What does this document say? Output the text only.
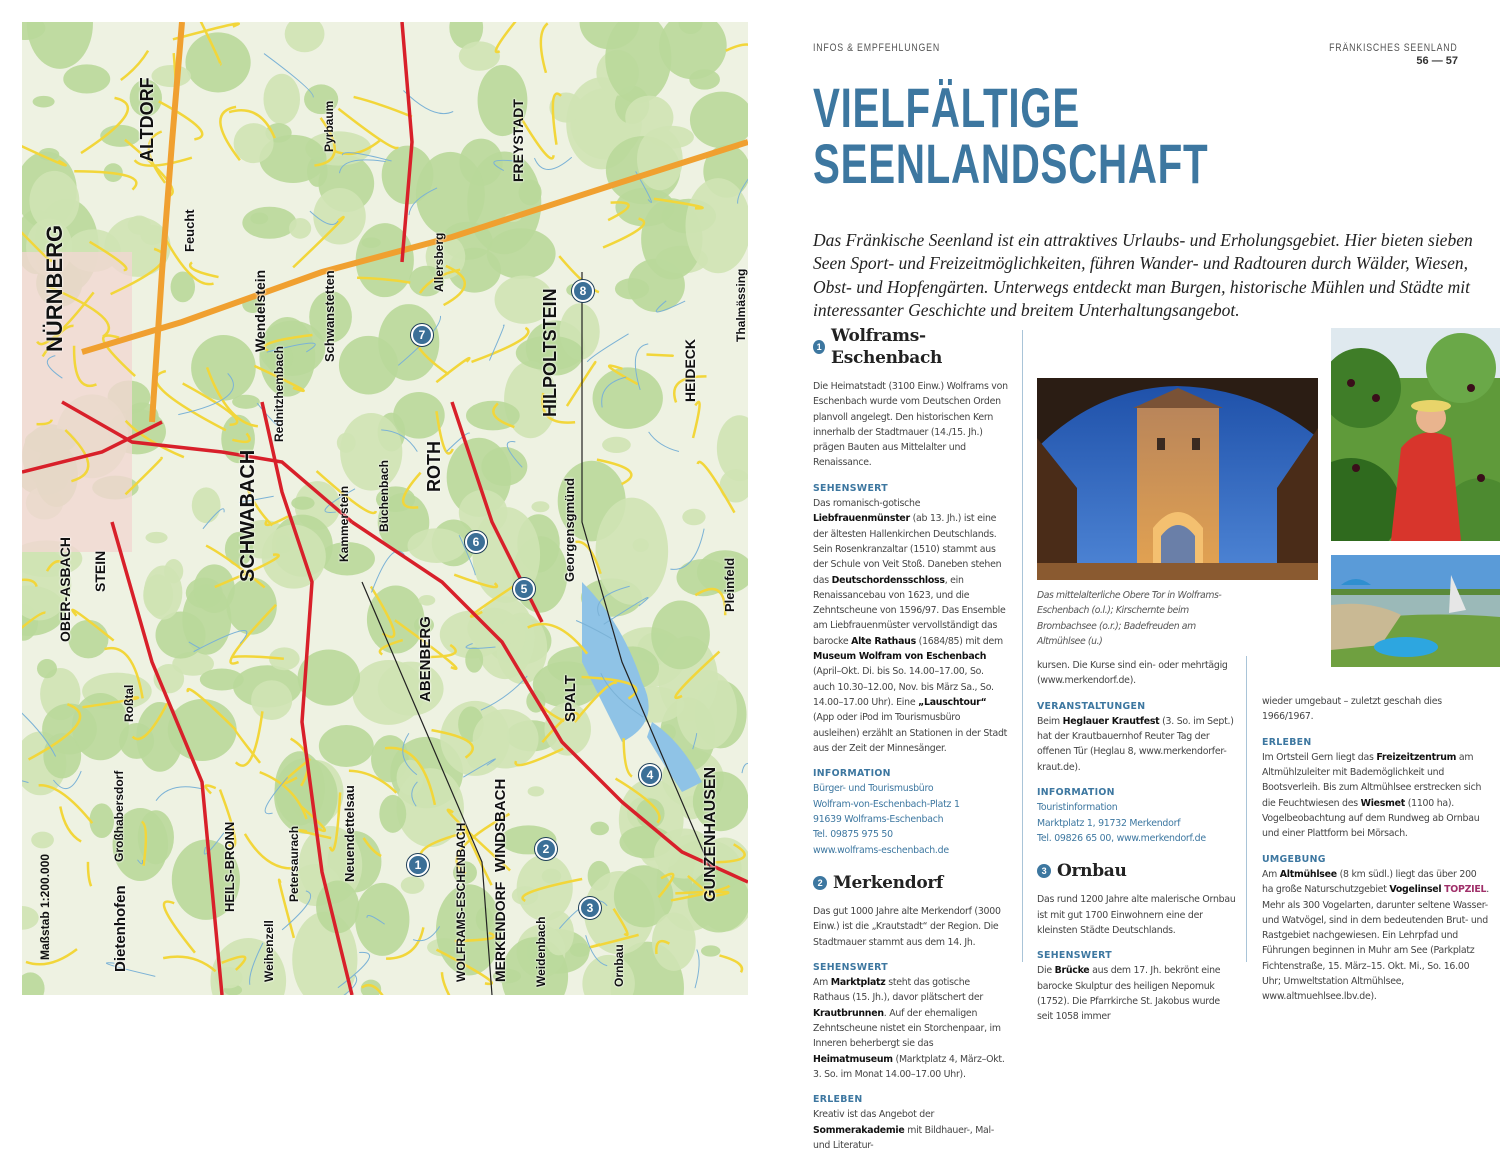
NÜRNBERG
ALTDORF
SCHWABACH	ROTH
HILPOLTSTEIN
GUNZENHAUSEN
WINDSBACH
ABENBERG	SPALT
MERKENDORF
HEIDECK
FREYSTADT
Allersberg
Georgensgmünd
Pleinfeld
Dietenhofen
HEILS-BRONN
Wendelstein	Schwanstetten
Feucht
STEIN
OBER-ASBACH
Weihenzell
Petersaurach
Ornbau
Neuendettelsau
Büchenbach
Pyrbaum
Roßtal
Großhabersdorf
WOLFRAMS-ESCHENBACH	Weidenbach
Kammerstein
Rednitzhembach
Thalmässing
1
2
3
4
5
6
7
8
Maßstab 1:200.000
INFOS & EMPFEHLUNGEN	FRÄNKISCHES SEENLAND
56 — 57
VIELFÄLTIGE
SEENLANDSCHAFT
Das Fränkische Seenland ist ein attraktives Urlaubs- und Erholungsgebiet. Hier bieten sieben Seen Sport- und Freizeitmöglichkeiten, führen Wander- und Radtouren durch Wälder, Wiesen, Obst- und Hopfengärten. Unterwegs entdeckt man Burgen, historische Mühlen und Städte mit interessanter Geschichte und breitem Unterhaltungsangebot.
1
Wolframs-Eschenbach

Die Heimatstadt (3100 Einw.) Wolframs von Eschenbach wurde vom Deutschen Orden planvoll angelegt. Den historischen Kern innerhalb der Stadtmauer (14./15. Jh.) prägen Bauten aus Mittelalter und Renaissance.

SEHENSWERT
Das romanisch-gotische Liebfrauenmünster (ab 13. Jh.) ist eine der ältesten Hallenkirchen Deutschlands. Sein Rosenkranzaltar (1510) stammt aus der Schule von Veit Stoß. Daneben stehen das Deutschordensschloss, ein Renaissancebau von 1623, und die Zehntscheune von 1596/97. Das Ensemble am Liebfrauenmüster vervollständigt das barocke Alte Rathaus (1684/85) mit dem Museum Wolfram von Eschenbach (April–Okt. Di. bis So. 14.00–17.00, So. auch 10.30–12.00, Nov. bis März Sa., So. 14.00–17.00 Uhr). Eine „Lauschtour“ (App oder iPod im Tourismusbüro ausleihen) erzählt an Stationen in der Stadt aus der Zeit der Minnesänger.

INFORMATION
Bürger- und Tourismusbüro
Wolfram-von-Eschenbach-Platz 1
91639 Wolframs-Eschenbach
Tel. 09875 975 50
www.wolframs-eschenbach.de

2 Merkendorf

Das gut 1000 Jahre alte Merkendorf (3000 Einw.) ist die „Krautstadt“ der Region. Die Stadtmauer stammt aus dem 14. Jh.

SEHENSWERT
Am Marktplatz steht das gotische Rathaus (15. Jh.), davor plätschert der Krautbrunnen. Auf der ehemaligen Zehntscheune nistet ein Storchenpaar, im Inneren beherbergt sie das Heimatmuseum (Marktplatz 4, März–Okt. 3. So. im Monat 14.00–17.00 Uhr).

ERLEBEN
Kreativ ist das Angebot der Sommerakademie mit Bildhauer-, Mal- und Literatur-

Das mittelalterliche Obere Tor in Wolframs-Eschenbach (o.l.); Kirschernte beim Brombachsee (o.r.); Badefreuden am Altmühlsee (u.)

kursen. Die Kurse sind ein- oder mehrtägig (www.merkendorf.de).

VERANSTALTUNGEN
Beim Heglauer Krautfest (3. So. im Sept.) hat der Krautbauernhof Reuter Tag der offenen Tür (Heglau 8, www.merkendorfer-kraut.de).

INFORMATION
Touristinformation
Marktplatz 1, 91732 Merkendorf
Tel. 09826 65 00, www.merkendorf.de

3 Ornbau

Das rund 1200 Jahre alte malerische Ornbau ist mit gut 1700 Einwohnern eine der kleinsten Städte Deutschlands.

SEHENSWERT
Die Brücke aus dem 17. Jh. bekrönt eine barocke Skulptur des heiligen Nepomuk (1752). Die Pfarrkirche St. Jakobus wurde seit 1058 immer

wieder umgebaut – zuletzt geschah dies 1966/1967.

ERLEBEN
Im Ortsteil Gern liegt das Freizeitzentrum am Altmühlzuleiter mit Bademöglichkeit und Bootsverleih. Bis zum Altmühlsee erstrecken sich die Feuchtwiesen des Wiesmet (1100 ha). Vogelbeobachtung auf dem Rundweg ab Ornbau und einer Plattform bei Mörsach.

UMGEBUNG
Am Altmühlsee (8 km südl.) liegt das über 200 ha große Naturschutzgebiet Vogelinsel TOPZIEL. Mehr als 300 Vogelarten, darunter seltene Wasser- und Watvögel, sind in dem bedeutenden Brut- und Rastgebiet nachgewiesen. Ein Lehrpfad und Führungen beginnen in Muhr am See (Parkplatz Fichtenstraße, 15. März–15. Okt. Mi., So. 16.00 Uhr; Umweltstation Altmühlsee, www.altmuehlsee.lbv.de).
